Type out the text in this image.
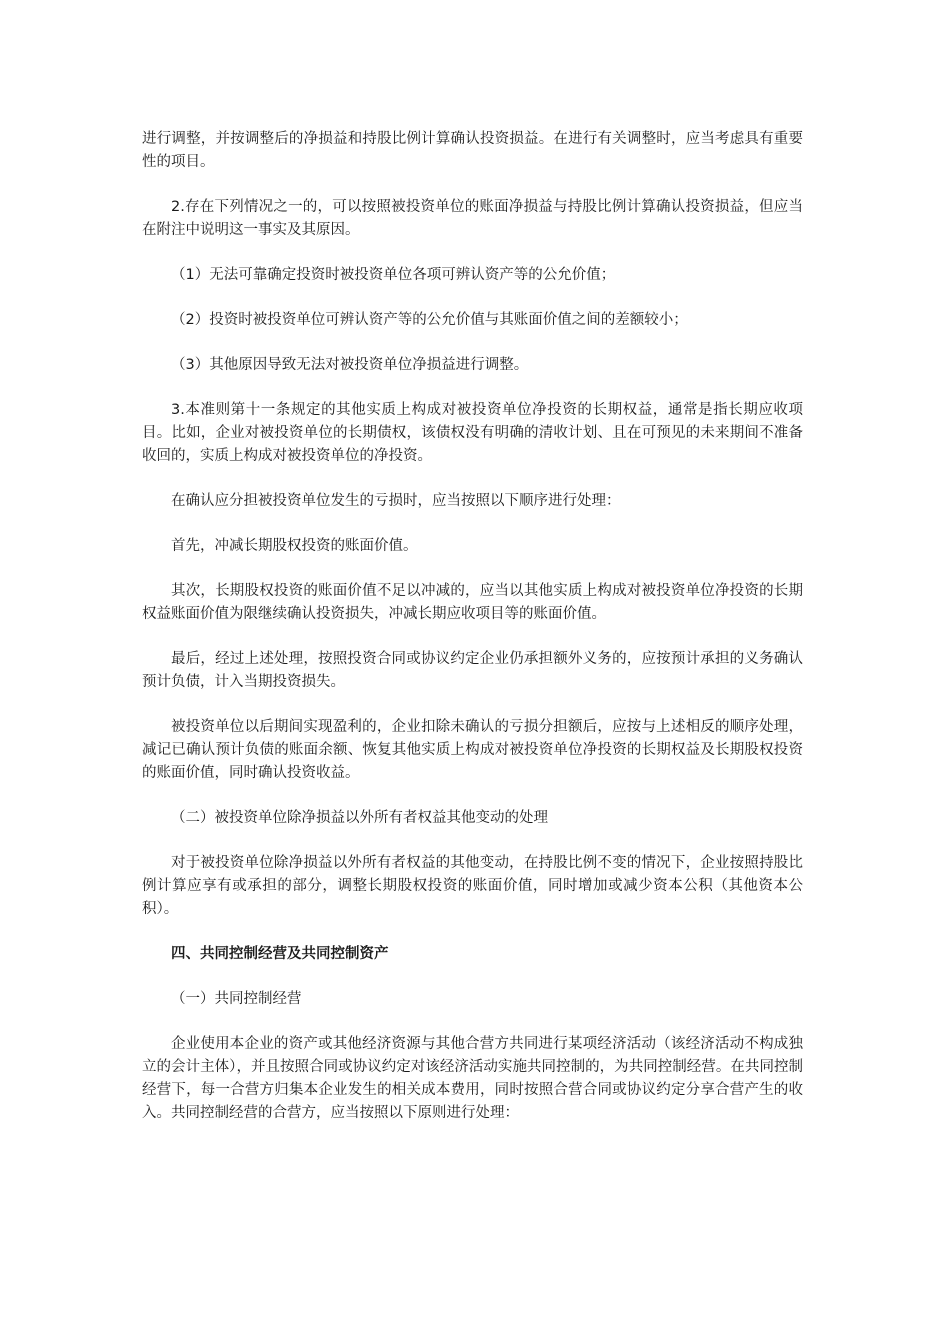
进行调整，并按调整后的净损益和持股比例计算确认投资损益。在进行有关调整时，应当考虑具有重要性的项目。

2.存在下列情况之一的，可以按照被投资单位的账面净损益与持股比例计算确认投资损益，但应当在附注中说明这一事实及其原因。

（1）无法可靠确定投资时被投资单位各项可辨认资产等的公允价值；

（2）投资时被投资单位可辨认资产等的公允价值与其账面价值之间的差额较小；

（3）其他原因导致无法对被投资单位净损益进行调整。

3.本准则第十一条规定的其他实质上构成对被投资单位净投资的长期权益，通常是指长期应收项目。比如，企业对被投资单位的长期债权，该债权没有明确的清收计划、且在可预见的未来期间不准备收回的，实质上构成对被投资单位的净投资。

在确认应分担被投资单位发生的亏损时，应当按照以下顺序进行处理：

首先，冲减长期股权投资的账面价值。

其次，长期股权投资的账面价值不足以冲减的，应当以其他实质上构成对被投资单位净投资的长期权益账面价值为限继续确认投资损失，冲减长期应收项目等的账面价值。

最后，经过上述处理，按照投资合同或协议约定企业仍承担额外义务的，应按预计承担的义务确认预计负债，计入当期投资损失。

被投资单位以后期间实现盈利的，企业扣除未确认的亏损分担额后，应按与上述相反的顺序处理，减记已确认预计负债的账面余额、恢复其他实质上构成对被投资单位净投资的长期权益及长期股权投资的账面价值，同时确认投资收益。

（二）被投资单位除净损益以外所有者权益其他变动的处理

对于被投资单位除净损益以外所有者权益的其他变动，在持股比例不变的情况下，企业按照持股比例计算应享有或承担的部分，调整长期股权投资的账面价值，同时增加或减少资本公积（其他资本公积）。

四、共同控制经营及共同控制资产

（一）共同控制经营

企业使用本企业的资产或其他经济资源与其他合营方共同进行某项经济活动（该经济活动不构成独立的会计主体），并且按照合同或协议约定对该经济活动实施共同控制的，为共同控制经营。在共同控制经营下，每一合营方归集本企业发生的相关成本费用，同时按照合营合同或协议约定分享合营产生的收入。共同控制经营的合营方，应当按照以下原则进行处理：
